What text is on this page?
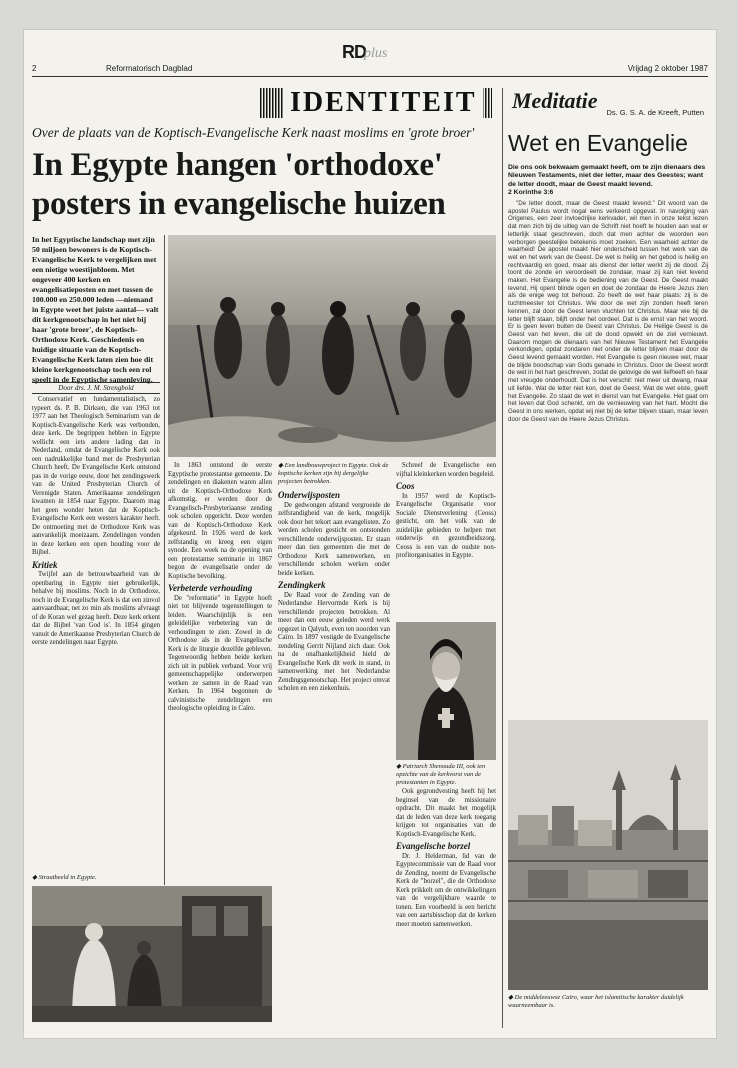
RD
plus
2	Reformatorisch Dagblad	Vrijdag 2 oktober 1987
IDENTITEIT
Over de plaats van de Koptisch-Evangelische Kerk naast moslims en 'grote broer'
In Egypte hangen 'orthodoxe' posters in evangelische huizen
In het Egyptische landschap met zijn 50 miljoen bewoners is de Koptisch-Evangelische Kerk te vergelijken met een nietige woestijnbloem. Met ongeveer 400 kerken en evangelisatieposten en met tussen de 100.000 en 250.000 leden —niemand in Egypte weet het juiste aantal— valt dit kerkgenootschap in het niet bij haar 'grote broer', de Koptisch-Orthodoxe Kerk. Geschiedenis en huidige situatie van de Koptisch-Evangelische Kerk laten zien hoe dit kleine kerkgenootschap toch een rol speelt in de Egyptische samenleving.
Door drs. J. M. Strengbold

Conservatief en fundamentalistisch, zo typeert ds. P. B. Dirksen, die van 1963 tot 1977 aan het Theologisch Seminarium van de Koptisch-Evangelische Kerk was verbonden, deze kerk. De begrippen hebben in Egypte wellicht een iets andere lading dan in Nederland, omdat de Evangelische Kerk ook een nadrukkelijke band met de Presbyterian Church heeft. De Evangelische Kerk ontstond pas in de vorige eeuw, door het zendingswerk van de United Presbyterian Church of Verenigde Staten. Amerikaanse zendelingen kwamen in 1854 naar Egypte. Daarom mag het geen wonder heten dat de Koptisch-Evangelische Kerk een westers karakter heeft. De ontmoeting met de Orthodoxe Kerk was aanvankelijk moeizaam. Zendelingen vonden in deze kerken een open houding voor de Bijbel.

Kritiek

Twijfel aan de betrouwbaarheid van de openbaring in Egypte niet gebruikelijk, behalve bij moslims. Noch in de Orthodoxe, noch in de Evangelische Kerk is dat een zinvol aanvaardbaar, net zo min als moslims afvraagt of de Koran wel gezag heeft. Deze kerk erkent dat de Bijbel 'van God is'. In 1854 gingen vanuit de Amerikaanse Presbyterian Church de eerste zendelingen naar Egypte.

◆ Straatbeeld in Egypte.

In 1863 ontstond de eerste Egyptische protestantse gemeente. De zendelingen en diakenen waren allen uit de Koptisch-Orthodoxe Kerk afkomstig, er werden door de Evangelisch-Presbyteriaanse zending ook scholen opgericht. Deze werden van de Koptisch-Orthodoxe Kerk afgekeurd. In 1926 werd de kerk zelfstandig en kreeg een eigen synode. Een week na de opening van een protestantse seminarie in 1867 begon de evangelisatie onder de Koptische bevolking.

Verbeterde verhouding

De "reformatie" in Egypte hoeft niet tot blijvende tegenstellingen te leiden. Waarschijnlijk is een geleidelijke verbetering van de verhoudingen te zien. Zowel in de Orthodoxe als in de Evangelische Kerk is de liturgie dezelfde gebleven. Tegenwoordig hebben beide kerken zich uit in publiek verband. Voor vrij gemeenschappelijke onderwerpen werken ze samen in de Raad van Kerken. In 1964 begonnen de calvinistische zendelingen een theologische opleiding in Caïro.

◆ Een landbouwproject in Egypte. Ook de koptische kerken zijn bij dergelijke projecten betrokken.
Onderwijsposten

De gedwongen afstand vergroeide de zelfstandigheid van de kerk, mogelijk ook door het tekort aan evangelisten. Zo werden scholen gesticht en ontstonden verschillende onderwijsposten. Er staan meer dan tien gemeenten die met de Orthodoxe Kerk samenwerken, en verschillende scholen werken onder beide kerken.

Zendingkerk

De Raad voor de Zending van de Nederlandse Hervormde Kerk is bij verschillende projecten betrokken. Al meer dan een eeuw geleden werd werk opgezet in Qalyub, even ten noorden van Caïro. In 1897 vestigde de Evangelische zendeling Gerrit Nijland zich daar. Ook na de onafhankelijkheid hield de Evangelische Kerk dit werk in stand, in samenwerking met het Nederlandse Zendingsgenootschap. Het project omvat scholen en een ziekenhuis.

Schreef de Evangelische een vijftal kleinkerken worden begeleid.

Coos

In 1957 werd de Koptisch-Evangelische Organisatie voor Sociale Dienstverlening (Ceoss) gesticht, om het volk van de zuidelijke gebieden te helpen met onderwijs en gezondheidszorg. Ceoss is een van de oudste non-profitorganisaties in Egypte.

◆ Patriarch Shenouda III, ook ten opzichte van de kerkvorst van de protestanten in Egypte.

Ook gegrondvesting heeft hij het beginsel van de missionaire opdracht. Dit maakt het mogelijk dat de leden van deze kerk toegang krijgen tot organisaties van de Koptisch-Evangelische Kerk.

Evangelische borzel

Dr. J. Helderman, lid van de Egyptecommissie van de Raad voor de Zending, noemt de Evangelische Kerk de "borzel", die de Orthodoxe Kerk prikkelt om de ontwikkelingen van de vergelijkbare waarde te tonen. Een voorbeeld is een bericht van een aartsbisschop dat de kerken meer moeten samenwerken.

Meditatie Ds. G. S. A. de Kreeft, Putten
Wet en Evangelie
Die ons ook bekwaam gemaakt heeft, om te zijn dienaars des Nieuwen Testaments, niet der letter, maar des Geestes; want de letter doodt, maar de Geest maakt levend.
2 Korinthe 3:6

"De letter doodt, maar de Geest maakt levend." Dit woord van de apostel Paulus wordt nogal eens verkeerd opgevat. In navolging van Origenes, een zeer invloedrijke kerkvader, wil men in onze tekst lezen dat men zich bij de uitleg van de Schrift niet hoeft te houden aan wat er letterlijk staat geschreven, doch dat men achter de woorden een verborgen geestelijke betekenis moet zoeken. Een waarheid achter de waarheid! De apostel maakt hier onderscheid tussen het werk van de wet en het werk van de Geest. De wet is heilig en het gebod is heilig en rechtvaardig en goed, maar als dienst der letter werkt zij de dood. Zij toont de zonde en veroordeelt de zondaar, maar zij kan niet levend maken. Het Evangelie is de bediening van de Geest. De Geest maakt levend, Hij opent blinde ogen en doet de zondaar de Heere Jezus zien als de enige weg tot behoud. Zo heeft de wet haar plaats: zij is de tuchtmeester tot Christus. Wie door de wet zijn zonden heeft leren kennen, zal door de Geest leren vluchten tot Christus. Maar wie bij de letter blijft staan, blijft onder het oordeel. Dat is de ernst van het woord. Er is geen leven buiten de Geest van Christus. De Heilige Geest is de Geest van het leven, die uit de dood opwekt en de ziel vernieuwt. Daarom mogen de dienaars van het Nieuwe Testament het Evangelie verkondigen, opdat zondaren niet onder de letter blijven maar door de Geest levend gemaakt worden. Het Evangelie is geen nieuwe wet, maar de blijde boodschap van Gods genade in Christus. Door de Geest wordt de wet in het hart geschreven, zodat de gelovige de wet liefheeft en haar met vreugde onderhoudt. Dat is het verschil: niet meer uit dwang, maar uit liefde. Wat de letter niet kon, doet de Geest. Wat de wet eiste, geeft het Evangelie. Zo staat de wet in dienst van het Evangelie. Het gaat om het leven dat God schenkt, om de vernieuwing van het hart. Mocht die Geest in ons werken, opdat wij niet bij de letter blijven staan, maar leven door de Geest van de Heere Jezus Christus.

◆ De middeleeuwse Caïro, waar het islamitische karakter duidelijk waarneembaar is.
